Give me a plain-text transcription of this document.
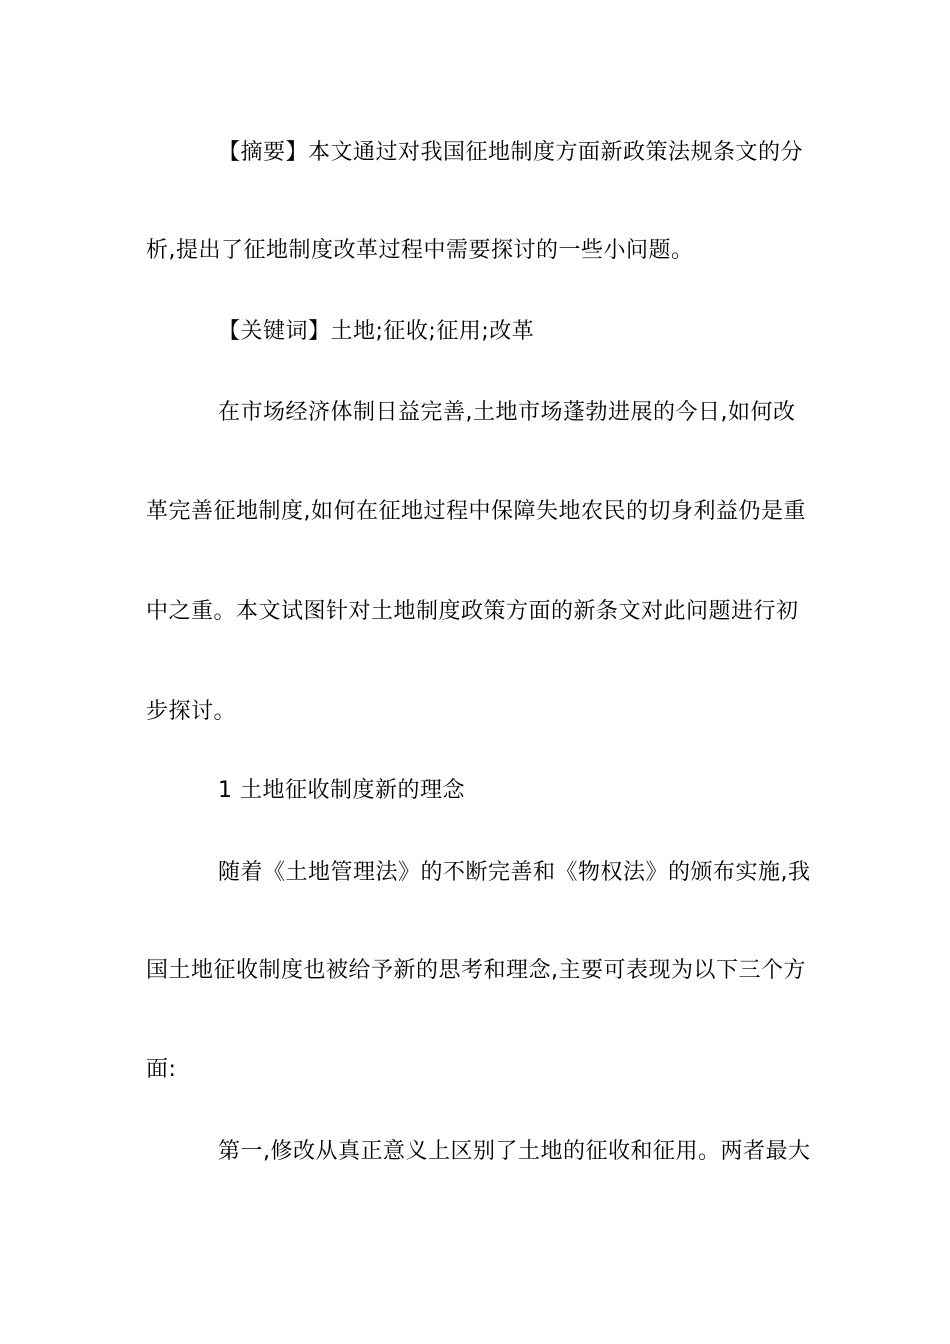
【摘要】本文通过对我国征地制度方面新政策法规条文的分
析,提出了征地制度改革过程中需要探讨的一些小问题。
【关键词】土地;征收;征用;改革
在市场经济体制日益完善,土地市场蓬勃进展的今日,如何改
革完善征地制度,如何在征地过程中保障失地农民的切身利益仍是重
中之重。本文试图针对土地制度政策方面的新条文对此问题进行初
步探讨。
1 土地征收制度新的理念
随着《土地管理法》的不断完善和《物权法》的颁布实施,我
国土地征收制度也被给予新的思考和理念,主要可表现为以下三个方
面:
第一,修改从真正意义上区别了土地的征收和征用。两者最大
